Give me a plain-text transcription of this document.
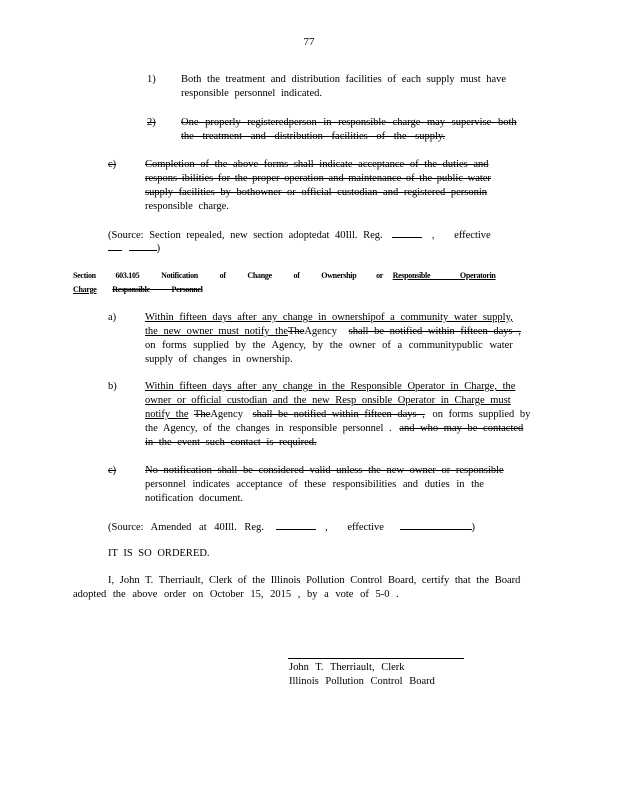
77
1) Both the treatment and distribution facilities of each supply must have
responsible personnel indicated.
2) One properly registeredperson in responsible charge may supervise both
the treatment and distribution facilities of the supply.
c)	Completion of the above forms shall indicate acceptance of the duties and
respons ibilities for the proper operation and maintenance of the public water
supply facilities by bothowner or official custodian and registered personin
responsible charge.
(Source: Section repealed, new section adoptedat 40Ill. Reg.	, effective
)
Section 603.105	Notification of Change of Ownership or Responsible Operatorin
Charge Responsible Personnel
a)	Within fifteen days after any change in ownershipof a community water supply,
the new owner must notify theTheAgency shall be notified within fifteen days ,
on forms supplied by the Agency, by the owner of a communitypublic water
supply of changes in ownership.
b)	Within fifteen days after any change in the Responsible Operator in Charge, the
owner or official custodian and the new Resp onsible Operator in Charge must
notify the TheAgency shall be notified within fifteen days , on forms supplied by
the Agency, of the changes in responsible personnel . and who may be contacted
in the event such contact is required.
c)	No notification shall be considered valid unless the new owner or responsible
personnel indicates acceptance of these responsibilities and duties in the
notification document.
(Source: Amended at 40Ill. Reg.	, effective	)
IT IS SO ORDERED.
I, John T. Therriault, Clerk of the Illinois Pollution Control Board, certify that the Board
adopted the above order on October 15, 2015 , by a vote of 5-0 .
John T. Therriault, Clerk
Illinois Pollution Control Board
